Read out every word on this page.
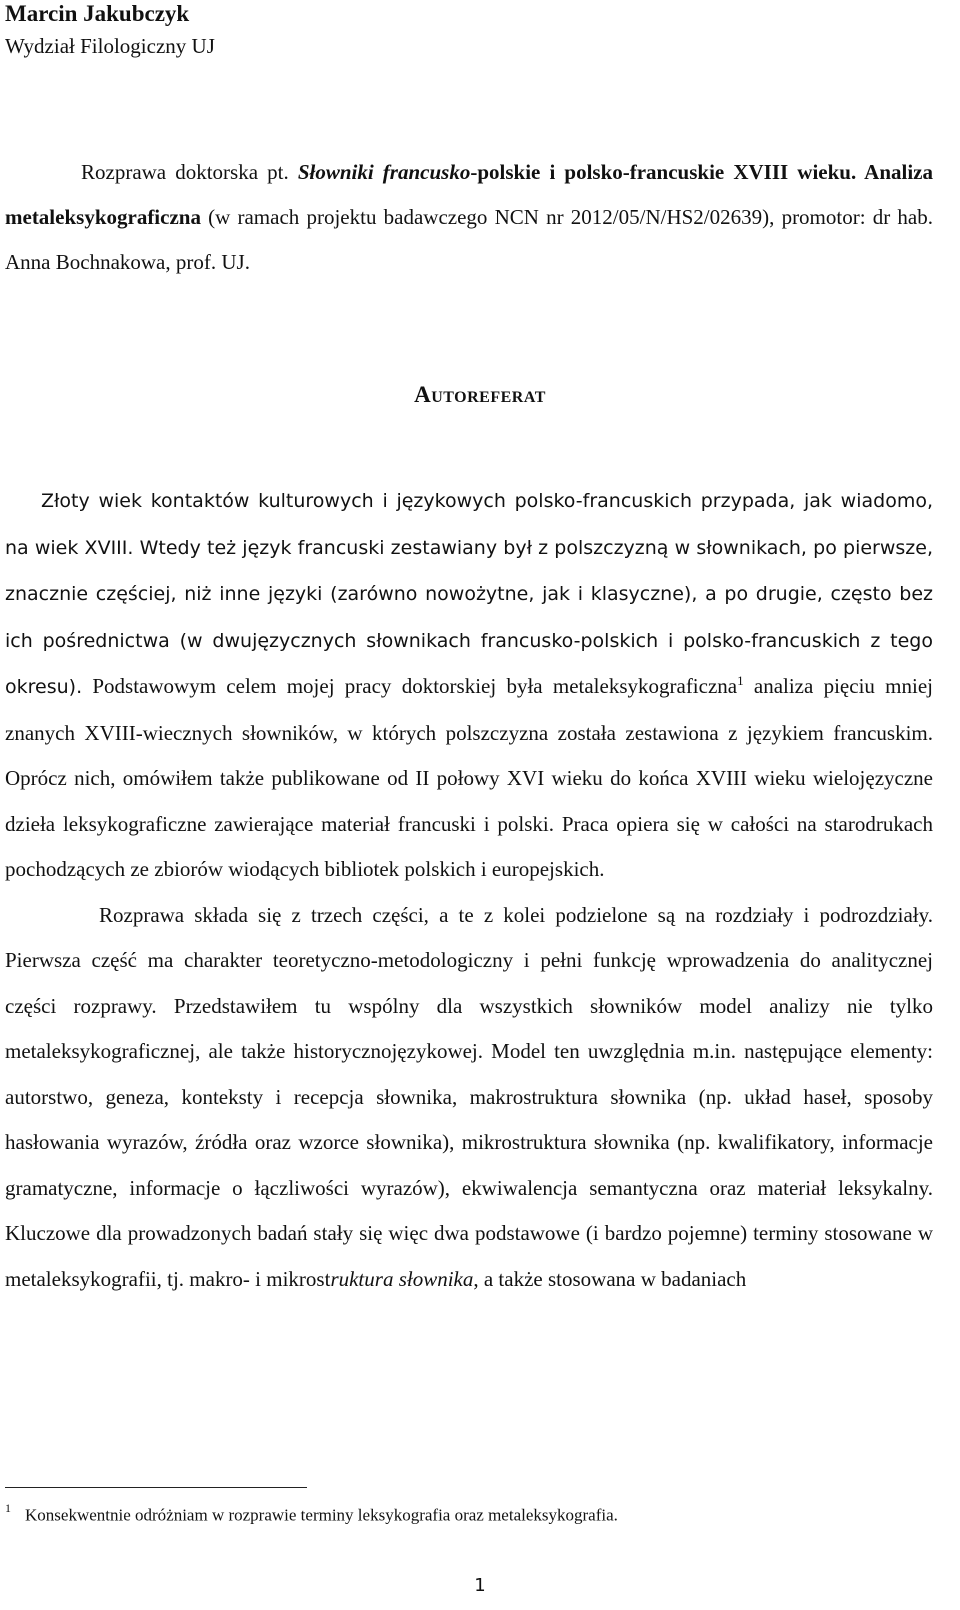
Marcin Jakubczyk
Wydział Filologiczny UJ

Rozprawa doktorska pt. Słowniki francusko-polskie i polsko-francuskie XVIII wieku. Analiza metaleksykograficzna (w ramach projektu badawczego NCN nr 2012/05/N/HS2/02639), promotor: dr hab. Anna Bochnakowa, prof. UJ.

Autoreferat

Złoty wiek kontaktów kulturowych i językowych polsko-francuskich przypada, jak wiadomo, na wiek XVIII. Wtedy też język francuski zestawiany był z polszczyzną w słownikach, po pierwsze, znacznie częściej, niż inne języki (zarówno nowożytne, jak i klasyczne), a po drugie, często bez ich pośrednictwa (w dwujęzycznych słownikach francusko-polskich i polsko-francuskich z tego okresu). Podstawowym celem mojej pracy doktorskiej była metaleksykograficzna$^1$ analiza pięciu mniej znanych XVIII-wiecznych słowników, w których polszczyzna została zestawiona z językiem francuskim. Oprócz nich, omówiłem także publikowane od II połowy XVI wieku do końca XVIII wieku wielojęzyczne dzieła leksykograficzne zawierające materiał francuski i polski. Praca opiera się w całości na starodrukach pochodzących ze zbiorów wiodących bibliotek polskich i europejskich.

Rozprawa składa się z trzech części, a te z kolei podzielone są na rozdziały i podrozdziały. Pierwsza część ma charakter teoretyczno-metodologiczny i pełni funkcję wprowadzenia do analitycznej części rozprawy. Przedstawiłem tu wspólny dla wszystkich słowników model analizy nie tylko metaleksykograficznej, ale także historycznojęzykowej. Model ten uwzględnia m.in. następujące elementy: autorstwo, geneza, konteksty i recepcja słownika, makrostruktura słownika (np. układ haseł, sposoby hasłowania wyrazów, źródła oraz wzorce słownika), mikrostruktura słownika (np. kwalifikatory, informacje gramatyczne, informacje o łączliwości wyrazów), ekwiwalencja semantyczna oraz materiał leksykalny. Kluczowe dla prowadzonych badań stały się więc dwa podstawowe (i bardzo pojemne) terminy stosowane w metaleksykografii, tj. makro- i mikrostruktura słownika, a także stosowana w badaniach

$^1$ Konsekwentnie odróżniam w rozprawie terminy leksykografia oraz metaleksykografia.
1
